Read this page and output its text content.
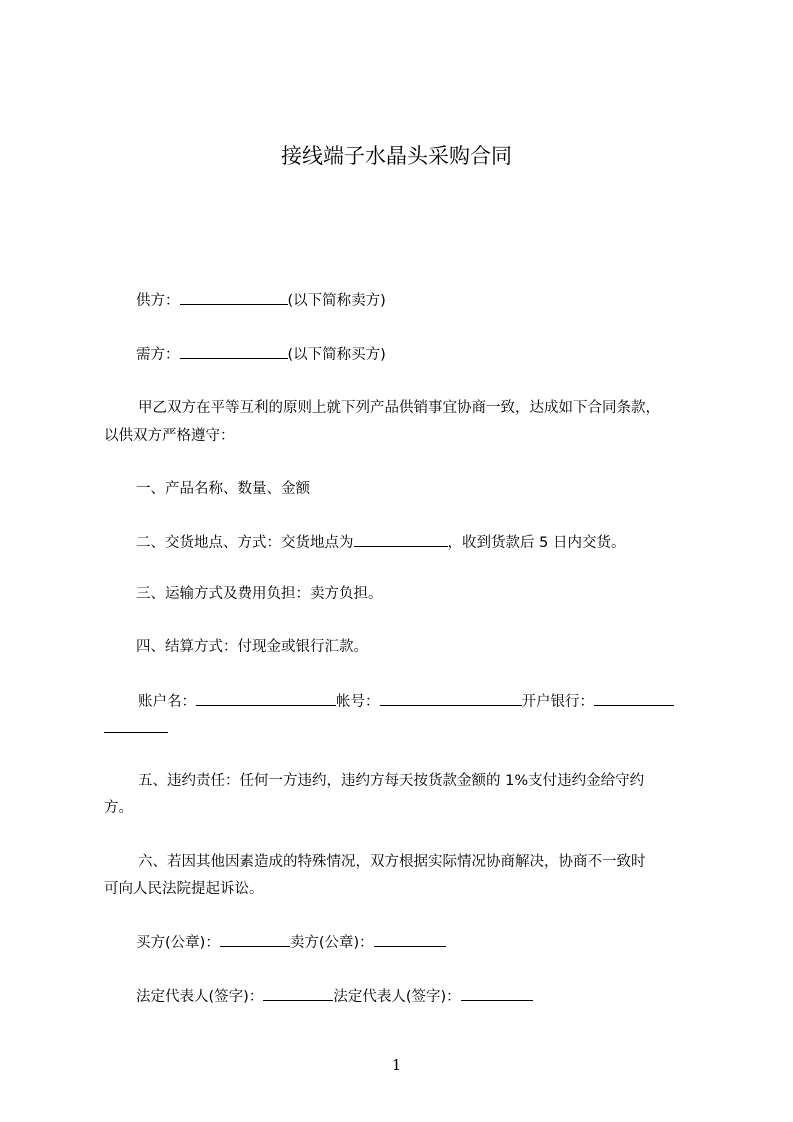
接线端子水晶头采购合同
供方：	(以下简称卖方)
需方：	(以下简称买方)
甲乙双方在平等互利的原则上就下列产品供销事宜协商一致，达成如下合同条款，
以供双方严格遵守：
一、产品名称、数量、金额
二、交货地点、方式：交货地点为	，收到货款后 5 日内交货。
三、运输方式及费用负担：卖方负担。
四、结算方式：付现金或银行汇款。
账户名：	帐号：	开户银行：
五、违约责任：任何一方违约，违约方每天按货款金额的 1%支付违约金给守约
方。
六、若因其他因素造成的特殊情况，双方根据实际情况协商解决，协商不一致时
可向人民法院提起诉讼。
买方(公章)：	卖方(公章)：
法定代表人(签字)：	法定代表人(签字)：
1
